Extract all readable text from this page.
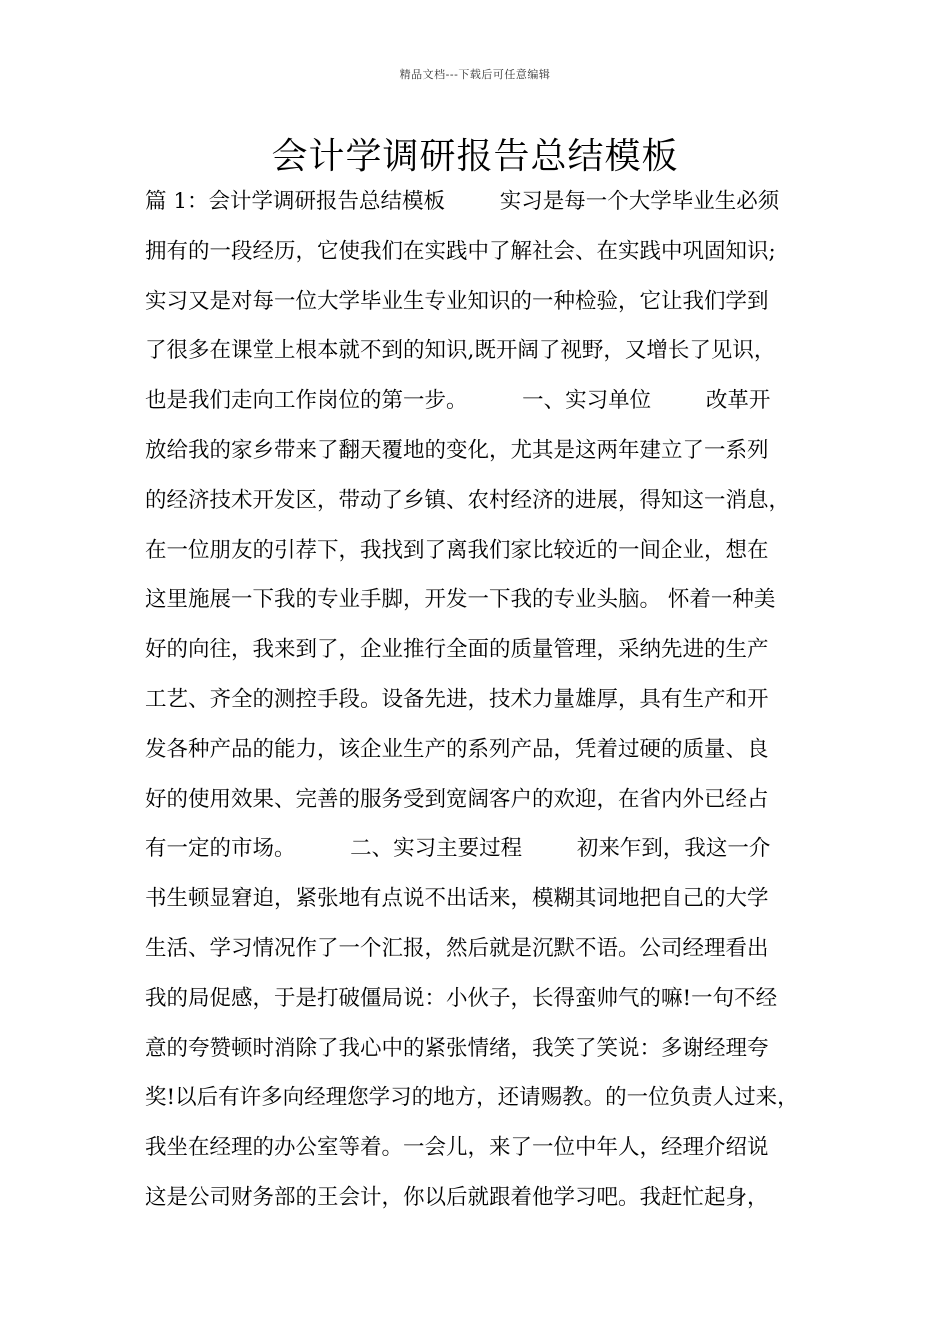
精品文档---下载后可任意编辑
会计学调研报告总结模板
篇 1：会计学调研报告总结模板        实习是每一个大学毕业生必须
拥有的一段经历，它使我们在实践中了解社会、在实践中巩固知识;
实习又是对每一位大学毕业生专业知识的一种检验，它让我们学到
了很多在课堂上根本就不到的知识,既开阔了视野，又增长了见识，
也是我们走向工作岗位的第一步。        一、实习单位        改革开
放给我的家乡带来了翻天覆地的变化，尤其是这两年建立了一系列
的经济技术开发区，带动了乡镇、农村经济的进展，得知这一消息，
在一位朋友的引荐下，我找到了离我们家比较近的一间企业，想在
这里施展一下我的专业手脚，开发一下我的专业头脑。 怀着一种美
好的向往，我来到了，企业推行全面的质量管理，采纳先进的生产
工艺、齐全的测控手段。设备先进，技术力量雄厚，具有生产和开
发各种产品的能力，该企业生产的系列产品，凭着过硬的质量、良
好的使用效果、完善的服务受到宽阔客户的欢迎，在省内外已经占
有一定的市场。        二、实习主要过程        初来乍到，我这一介
书生顿显窘迫，紧张地有点说不出话来，模糊其词地把自己的大学
生活、学习情况作了一个汇报，然后就是沉默不语。公司经理看出
我的局促感，于是打破僵局说：小伙子，长得蛮帅气的嘛!一句不经
意的夸赞顿时消除了我心中的紧张情绪，我笑了笑说：多谢经理夸
奖!以后有许多向经理您学习的地方，还请赐教。的一位负责人过来，
我坐在经理的办公室等着。一会儿，来了一位中年人，经理介绍说
这是公司财务部的王会计，你以后就跟着他学习吧。我赶忙起身，
